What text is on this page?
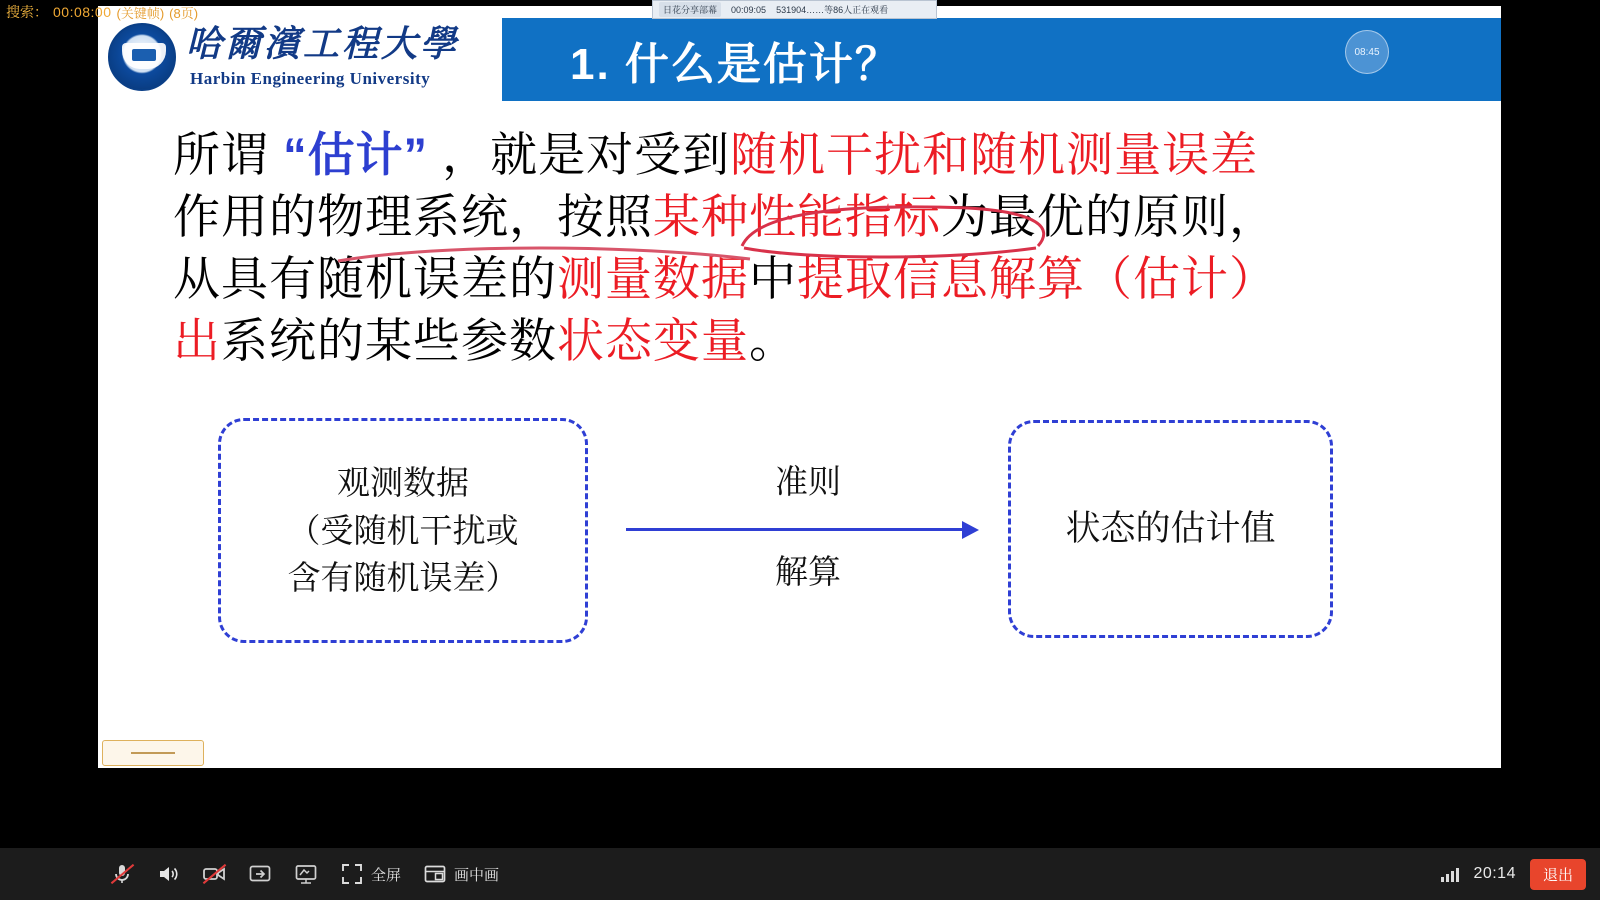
搜索： 00:08:00 (关键帧) (8页)	日花分享部幕	00:09:05 531904……等86人正在观看
哈爾濱工程大學
Harbin Engineering University	1. 什么是估计？	08:45
所谓 “估计” ，就是对受到随机干扰和随机测量误差
作用的物理系统，按照某种性能指标为最优的原则，
从具有随机误差的测量数据中提取信息解算（估计）
出系统的某些参数状态变量。
观测数据
（受随机干扰或
含有随机误差）
准则
解算
状态的估计值
全屏	画中画	20:14	退出
